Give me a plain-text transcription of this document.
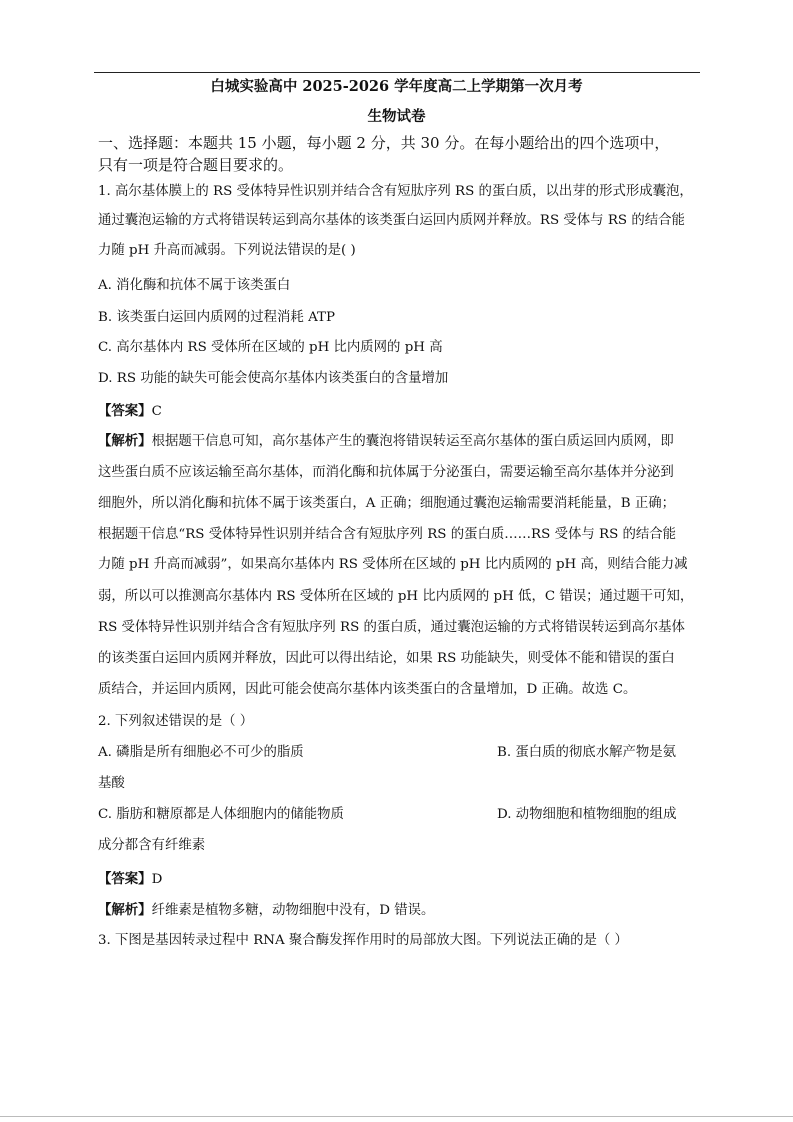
白城实验高中 2025-2026 学年度高二上学期第一次月考
生物试卷
一、选择题：本题共 15 小题，每小题 2 分，共 30 分。在每小题给出的四个选项中，
只有一项是符合题目要求的。
1. 高尔基体膜上的 RS 受体特异性识别并结合含有短肽序列 RS 的蛋白质，以出芽的形式形成囊泡，
通过囊泡运输的方式将错误转运到高尔基体的该类蛋白运回内质网并释放。RS 受体与 RS 的结合能
力随 pH 升高而减弱。下列说法错误的是( )
A. 消化酶和抗体不属于该类蛋白
B. 该类蛋白运回内质网的过程消耗 ATP
C. 高尔基体内 RS 受体所在区域的 pH 比内质网的 pH 高
D. RS 功能的缺失可能会使高尔基体内该类蛋白的含量增加
【答案】C
【解析】根据题干信息可知，高尔基体产生的囊泡将错误转运至高尔基体的蛋白质运回内质网，即
这些蛋白质不应该运输至高尔基体，而消化酶和抗体属于分泌蛋白，需要运输至高尔基体并分泌到
细胞外，所以消化酶和抗体不属于该类蛋白，A 正确；细胞通过囊泡运输需要消耗能量，B 正确；
根据题干信息“RS 受体特异性识别并结合含有短肽序列 RS 的蛋白质……RS 受体与 RS 的结合能
力随 pH 升高而减弱”，如果高尔基体内 RS 受体所在区域的 pH 比内质网的 pH 高，则结合能力减
弱，所以可以推测高尔基体内 RS 受体所在区域的 pH 比内质网的 pH 低，C 错误；通过题干可知，
RS 受体特异性识别并结合含有短肽序列 RS 的蛋白质，通过囊泡运输的方式将错误转运到高尔基体
的该类蛋白运回内质网并释放，因此可以得出结论，如果 RS 功能缺失，则受体不能和错误的蛋白
质结合，并运回内质网，因此可能会使高尔基体内该类蛋白的含量增加，D 正确。故选 C。
2. 下列叙述错误的是（ ）
A. 磷脂是所有细胞必不可少的脂质	B. 蛋白质的彻底水解产物是氨
基酸
C. 脂肪和糖原都是人体细胞内的储能物质	D. 动物细胞和植物细胞的组成
成分都含有纤维素
【答案】D
【解析】纤维素是植物多糖，动物细胞中没有，D 错误。
3. 下图是基因转录过程中 RNA 聚合酶发挥作用时的局部放大图。下列说法正确的是（ ）
